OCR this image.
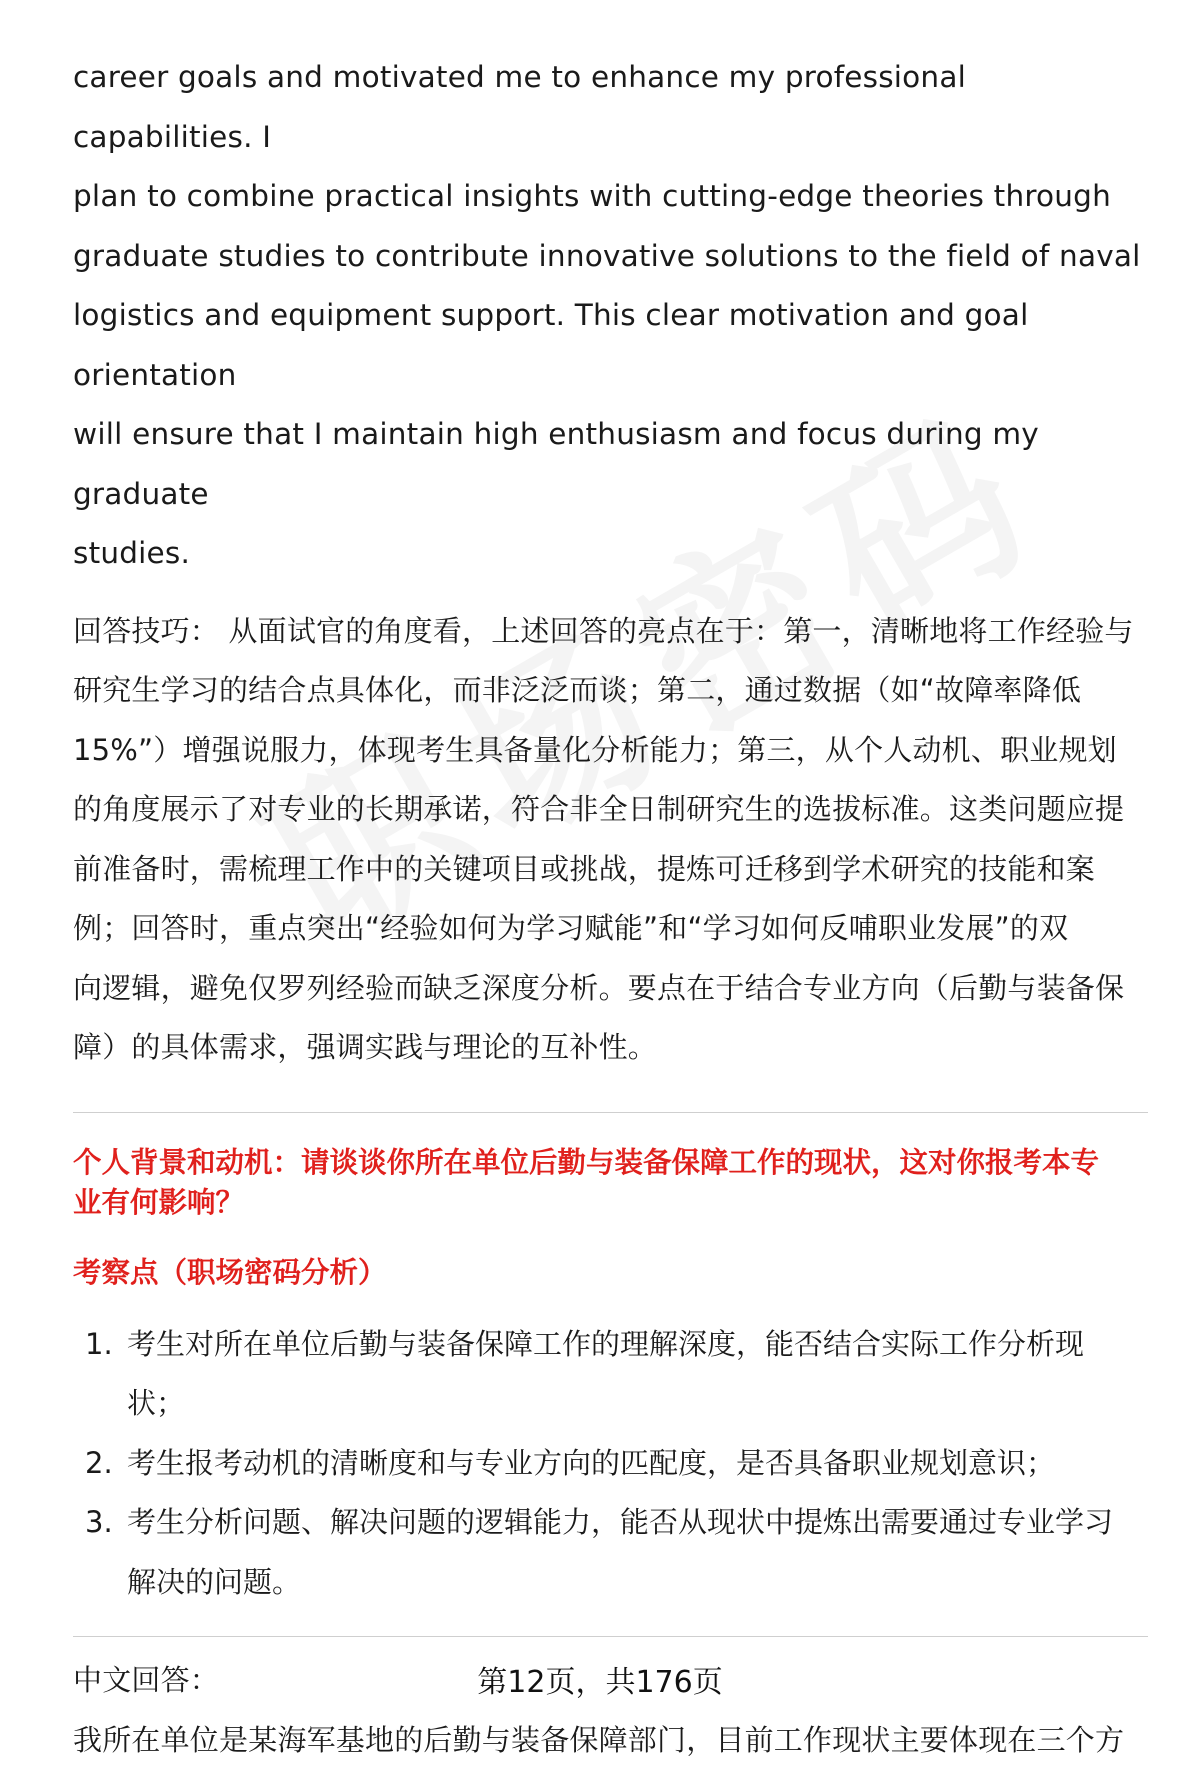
career goals and motivated me to enhance my professional capabilities. I
plan to combine practical insights with cutting-edge theories through
graduate studies to contribute innovative solutions to the field of naval
logistics and equipment support. This clear motivation and goal orientation
will ensure that I maintain high enthusiasm and focus during my graduate
studies.
回答技巧： 从面试官的角度看，上述回答的亮点在于：第一，清晰地将工作经验与
研究生学习的结合点具体化，而非泛泛而谈；第二，通过数据（如“故障率降低
15%”）增强说服力，体现考生具备量化分析能力；第三，从个人动机、职业规划
的角度展示了对专业的长期承诺，符合非全日制研究生的选拔标准。这类问题应提
前准备时，需梳理工作中的关键项目或挑战，提炼可迁移到学术研究的技能和案
例；回答时，重点突出“经验如何为学习赋能”和“学习如何反哺职业发展”的双
向逻辑，避免仅罗列经验而缺乏深度分析。要点在于结合专业方向（后勤与装备保
障）的具体需求，强调实践与理论的互补性。
个人背景和动机：请谈谈你所在单位后勤与装备保障工作的现状，这对你报考本专
业有何影响？
考察点（职场密码分析）
1. 考生对所在单位后勤与装备保障工作的理解深度，能否结合实际工作分析现
状；
2. 考生报考动机的清晰度和与专业方向的匹配度，是否具备职业规划意识；
3. 考生分析问题、解决问题的逻辑能力，能否从现状中提炼出需要通过专业学习
解决的问题。
中文回答：
我所在单位是某海军基地的后勤与装备保障部门，目前工作现状主要体现在三个方
第12页，共176页
